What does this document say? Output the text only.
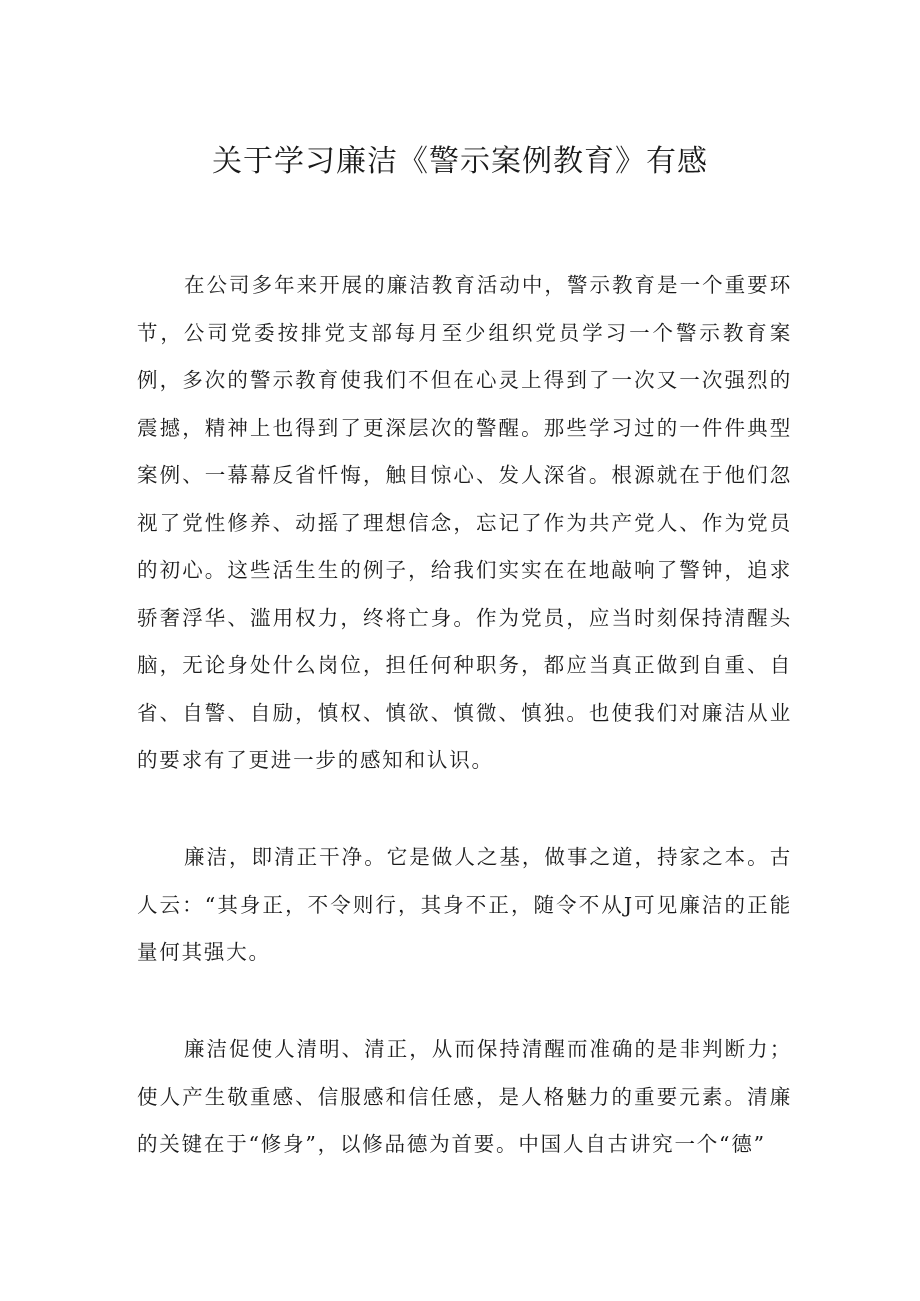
关于学习廉洁《警示案例教育》有感

在公司多年来开展的廉洁教育活动中，警示教育是一个重要环节，公司党委按排党支部每月至少组织党员学习一个警示教育案例，多次的警示教育使我们不但在心灵上得到了一次又一次强烈的震撼，精神上也得到了更深层次的警醒。那些学习过的一件件典型案例、一幕幕反省忏悔，触目惊心、发人深省。根源就在于他们忽视了党性修养、动摇了理想信念，忘记了作为共产党人、作为党员的初心。这些活生生的例子，给我们实实在在地敲响了警钟，追求骄奢浮华、滥用权力，终将亡身。作为党员，应当时刻保持清醒头脑，无论身处什么岗位，担任何种职务，都应当真正做到自重、自省、自警、自励，慎权、慎欲、慎微、慎独。也使我们对廉洁从业的要求有了更进一步的感知和认识。

廉洁，即清正干净。它是做人之基，做事之道，持家之本。古人云：“其身正，不令则行，其身不正，随令不从J可见廉洁的正能量何其强大。

廉洁促使人清明、清正，从而保持清醒而准确的是非判断力；使人产生敬重感、信服感和信任感，是人格魅力的重要元素。清廉的关键在于“修身”，以修品德为首要。中国人自古讲究一个“德”
